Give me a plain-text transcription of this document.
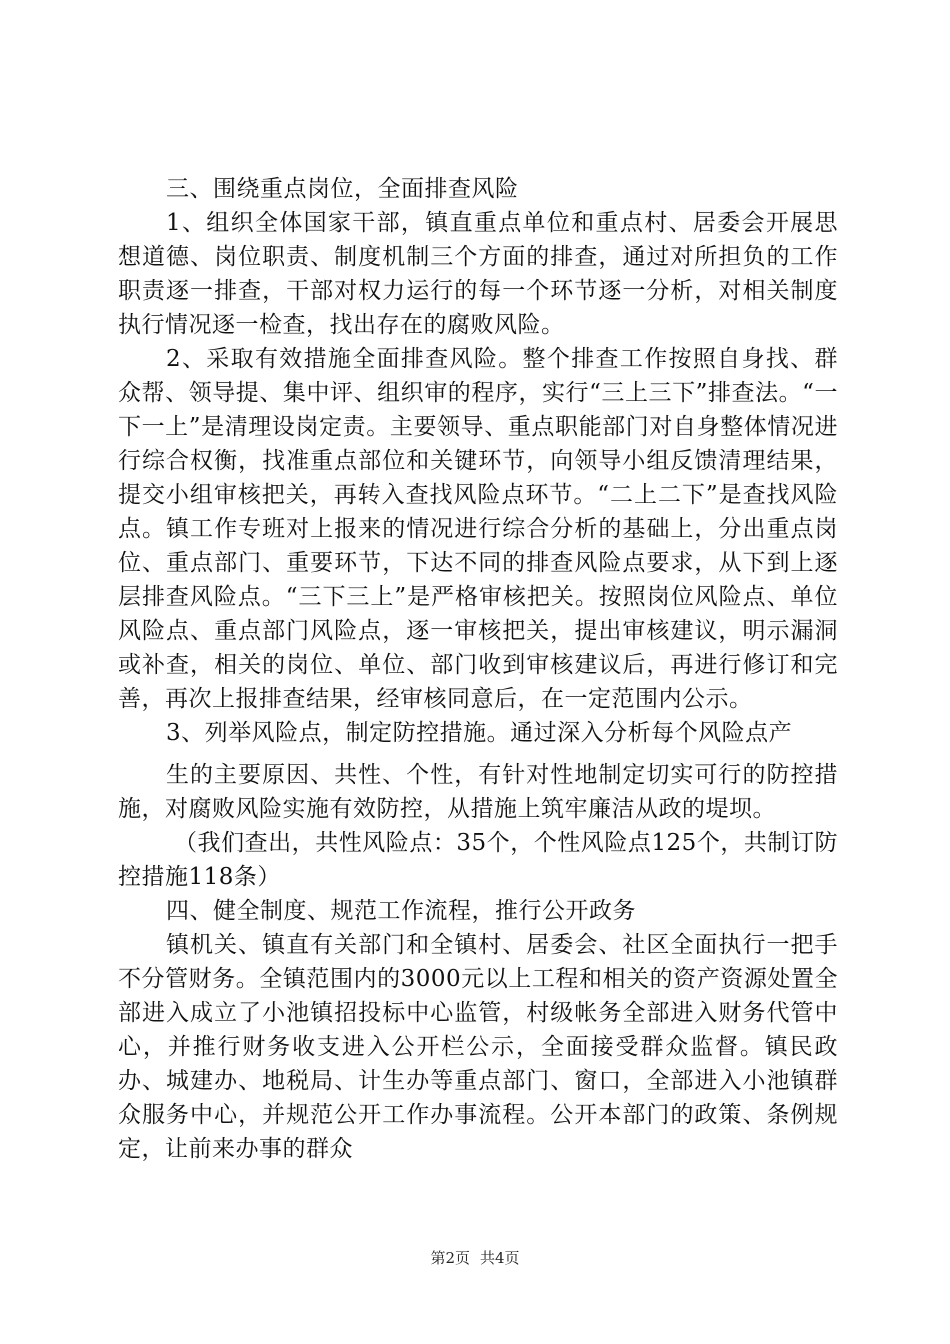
三、围绕重点岗位，全面排查风险

1、组织全体国家干部，镇直重点单位和重点村、居委会开展思想道德、岗位职责、制度机制三个方面的排查，通过对所担负的工作职责逐一排查，干部对权力运行的每一个环节逐一分析，对相关制度执行情况逐一检查，找出存在的腐败风险。

2、采取有效措施全面排查风险。整个排查工作按照自身找、群众帮、领导提、集中评、组织审的程序，实行“三上三下”排查法。“一下一上”是清理设岗定责。主要领导、重点职能部门对自身整体情况进行综合权衡，找准重点部位和关键环节，向领导小组反馈清理结果，提交小组审核把关，再转入查找风险点环节。“二上二下”是查找风险点。镇工作专班对上报来的情况进行综合分析的基础上，分出重点岗位、重点部门、重要环节，下达不同的排查风险点要求，从下到上逐层排查风险点。“三下三上”是严格审核把关。按照岗位风险点、单位风险点、重点部门风险点，逐一审核把关，提出审核建议，明示漏洞或补查，相关的岗位、单位、部门收到审核建议后，再进行修订和完善，再次上报排查结果，经审核同意后，在一定范围内公示。

3、列举风险点，制定防控措施。通过深入分析每个风险点产

生的主要原因、共性、个性，有针对性地制定切实可行的防控措施，对腐败风险实施有效防控，从措施上筑牢廉洁从政的堤坝。

（我们查出，共性风险点：35个，个性风险点125个，共制订防控措施118条）

四、健全制度、规范工作流程，推行公开政务

镇机关、镇直有关部门和全镇村、居委会、社区全面执行一把手不分管财务。全镇范围内的3000元以上工程和相关的资产资源处置全部进入成立了小池镇招投标中心监管，村级帐务全部进入财务代管中心，并推行财务收支进入公开栏公示，全面接受群众监督。镇民政办、城建办、地税局、计生办等重点部门、窗口，全部进入小池镇群众服务中心，并规范公开工作办事流程。公开本部门的政策、条例规定，让前来办事的群众

第2页 共4页
